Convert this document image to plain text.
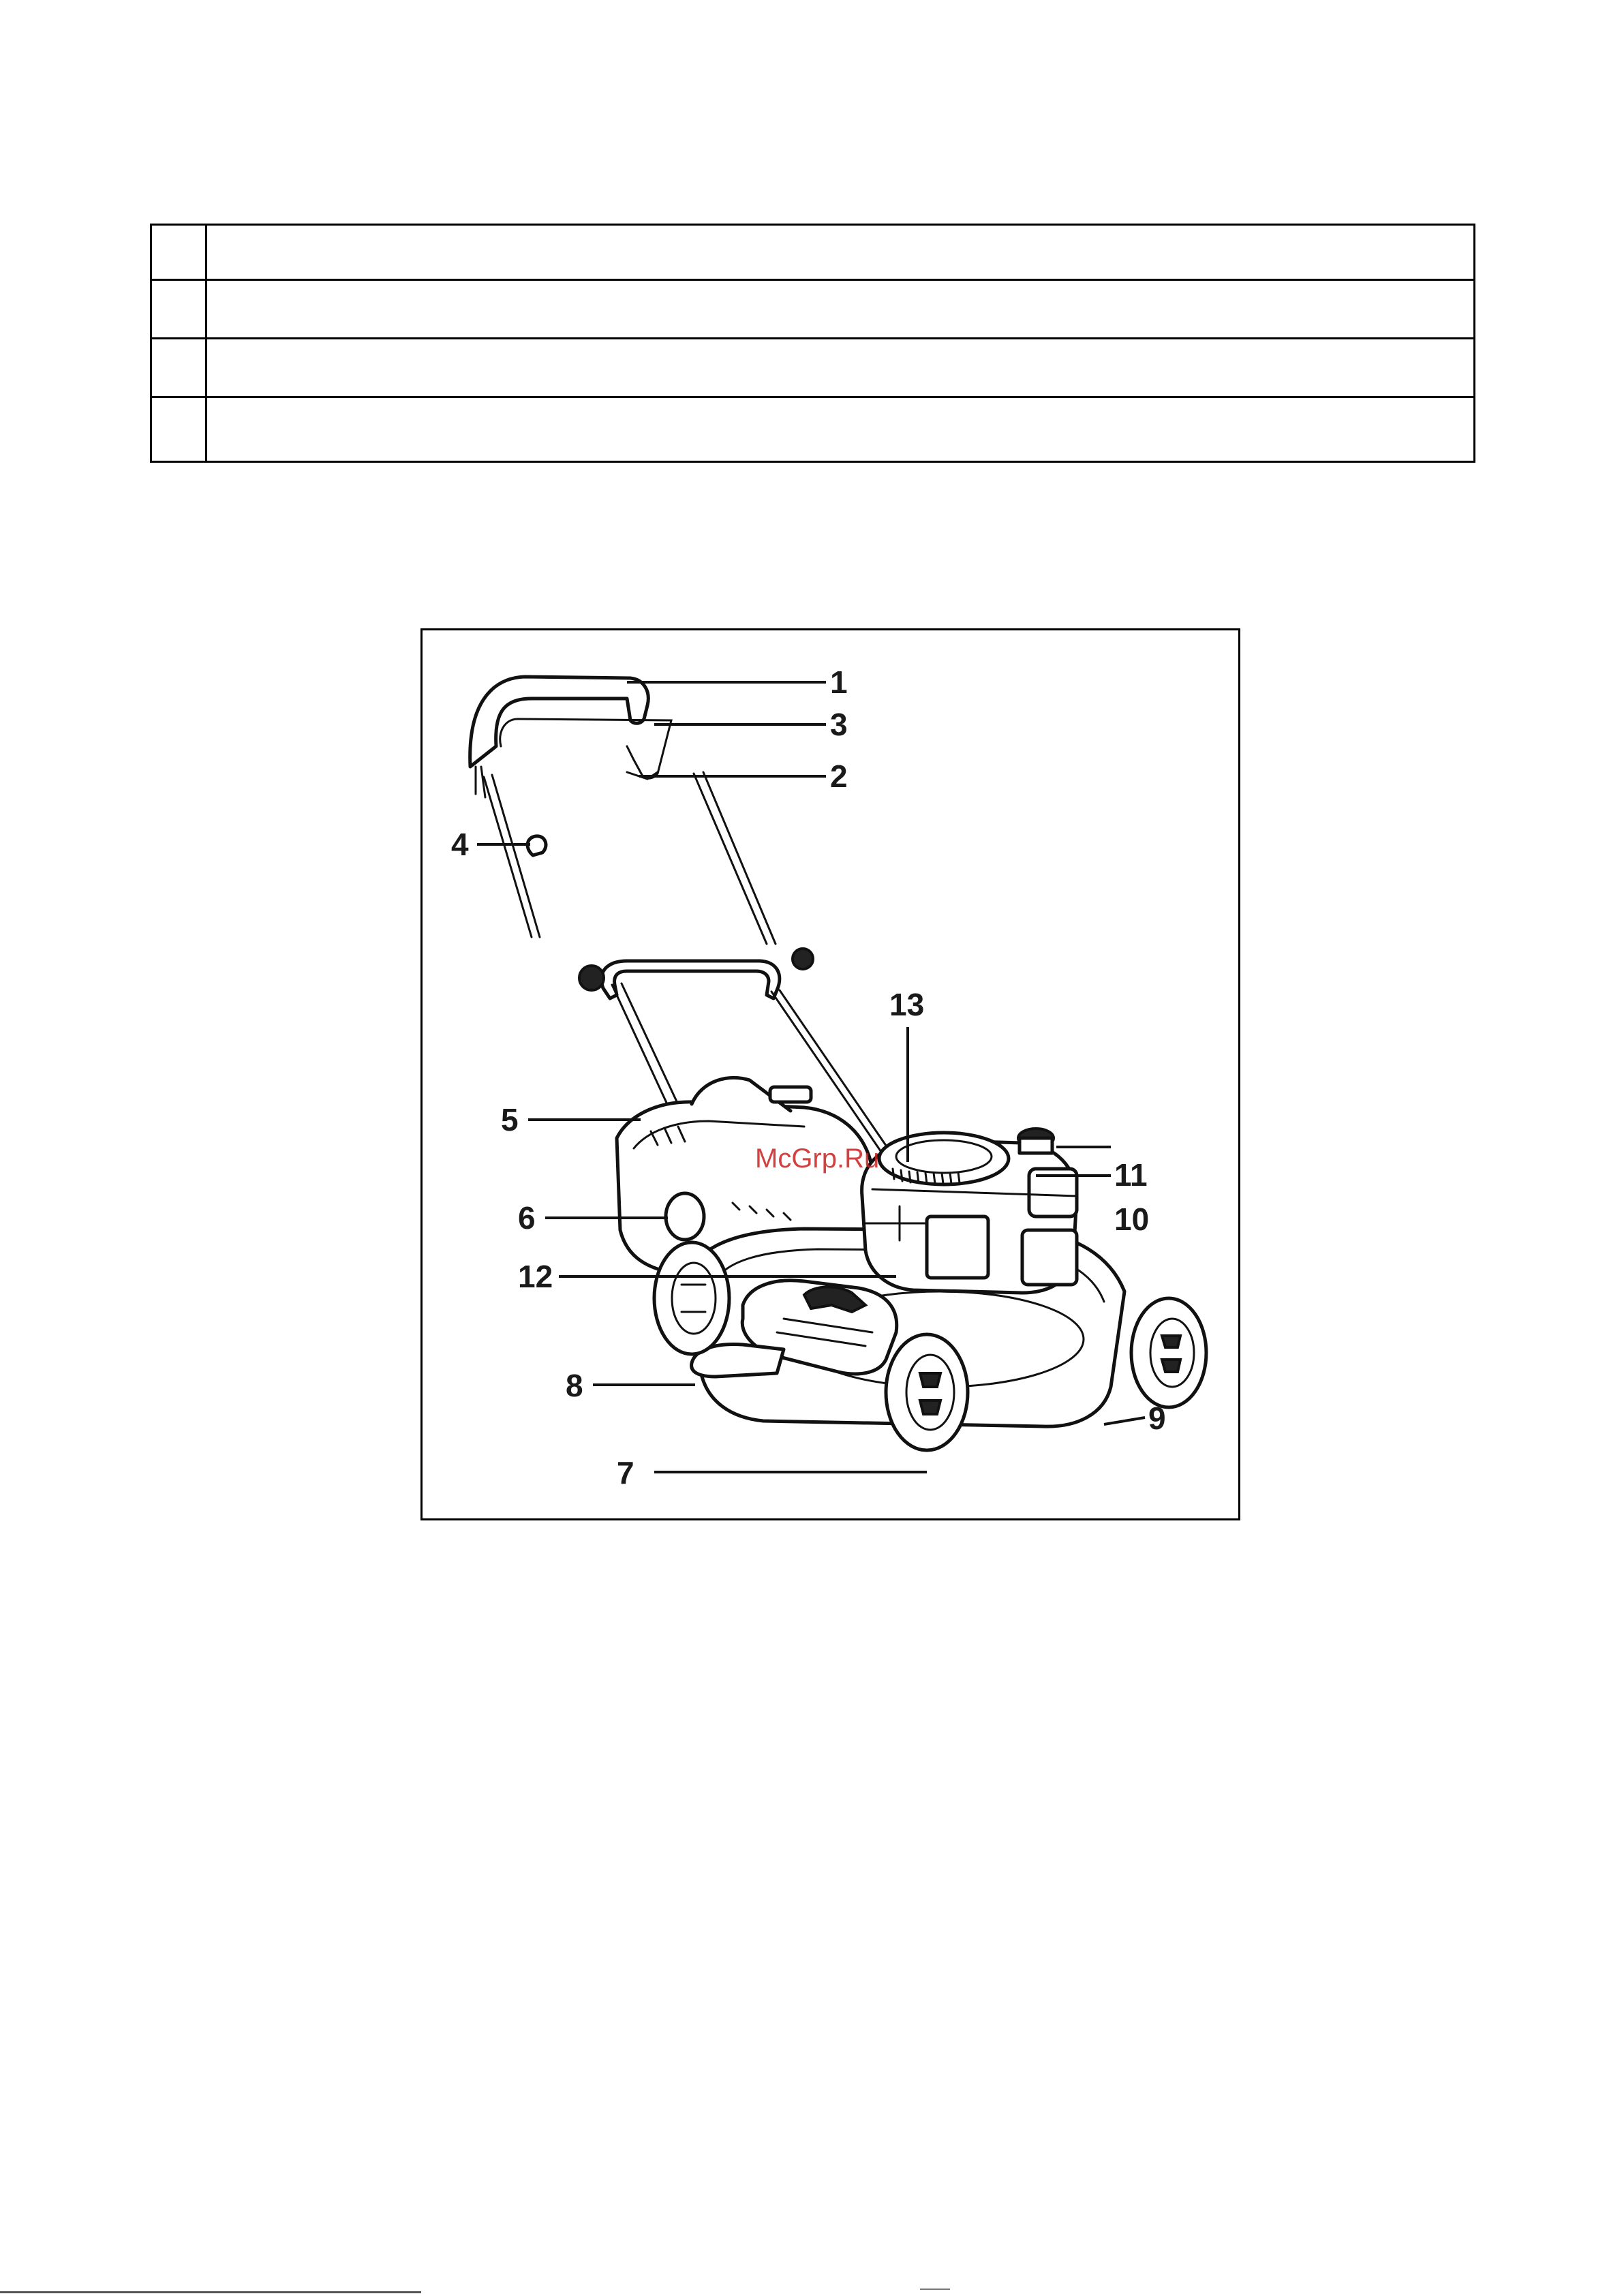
1
2
3
4
5
6
7
8
9
10
11
12
13
McGrp.Ru
